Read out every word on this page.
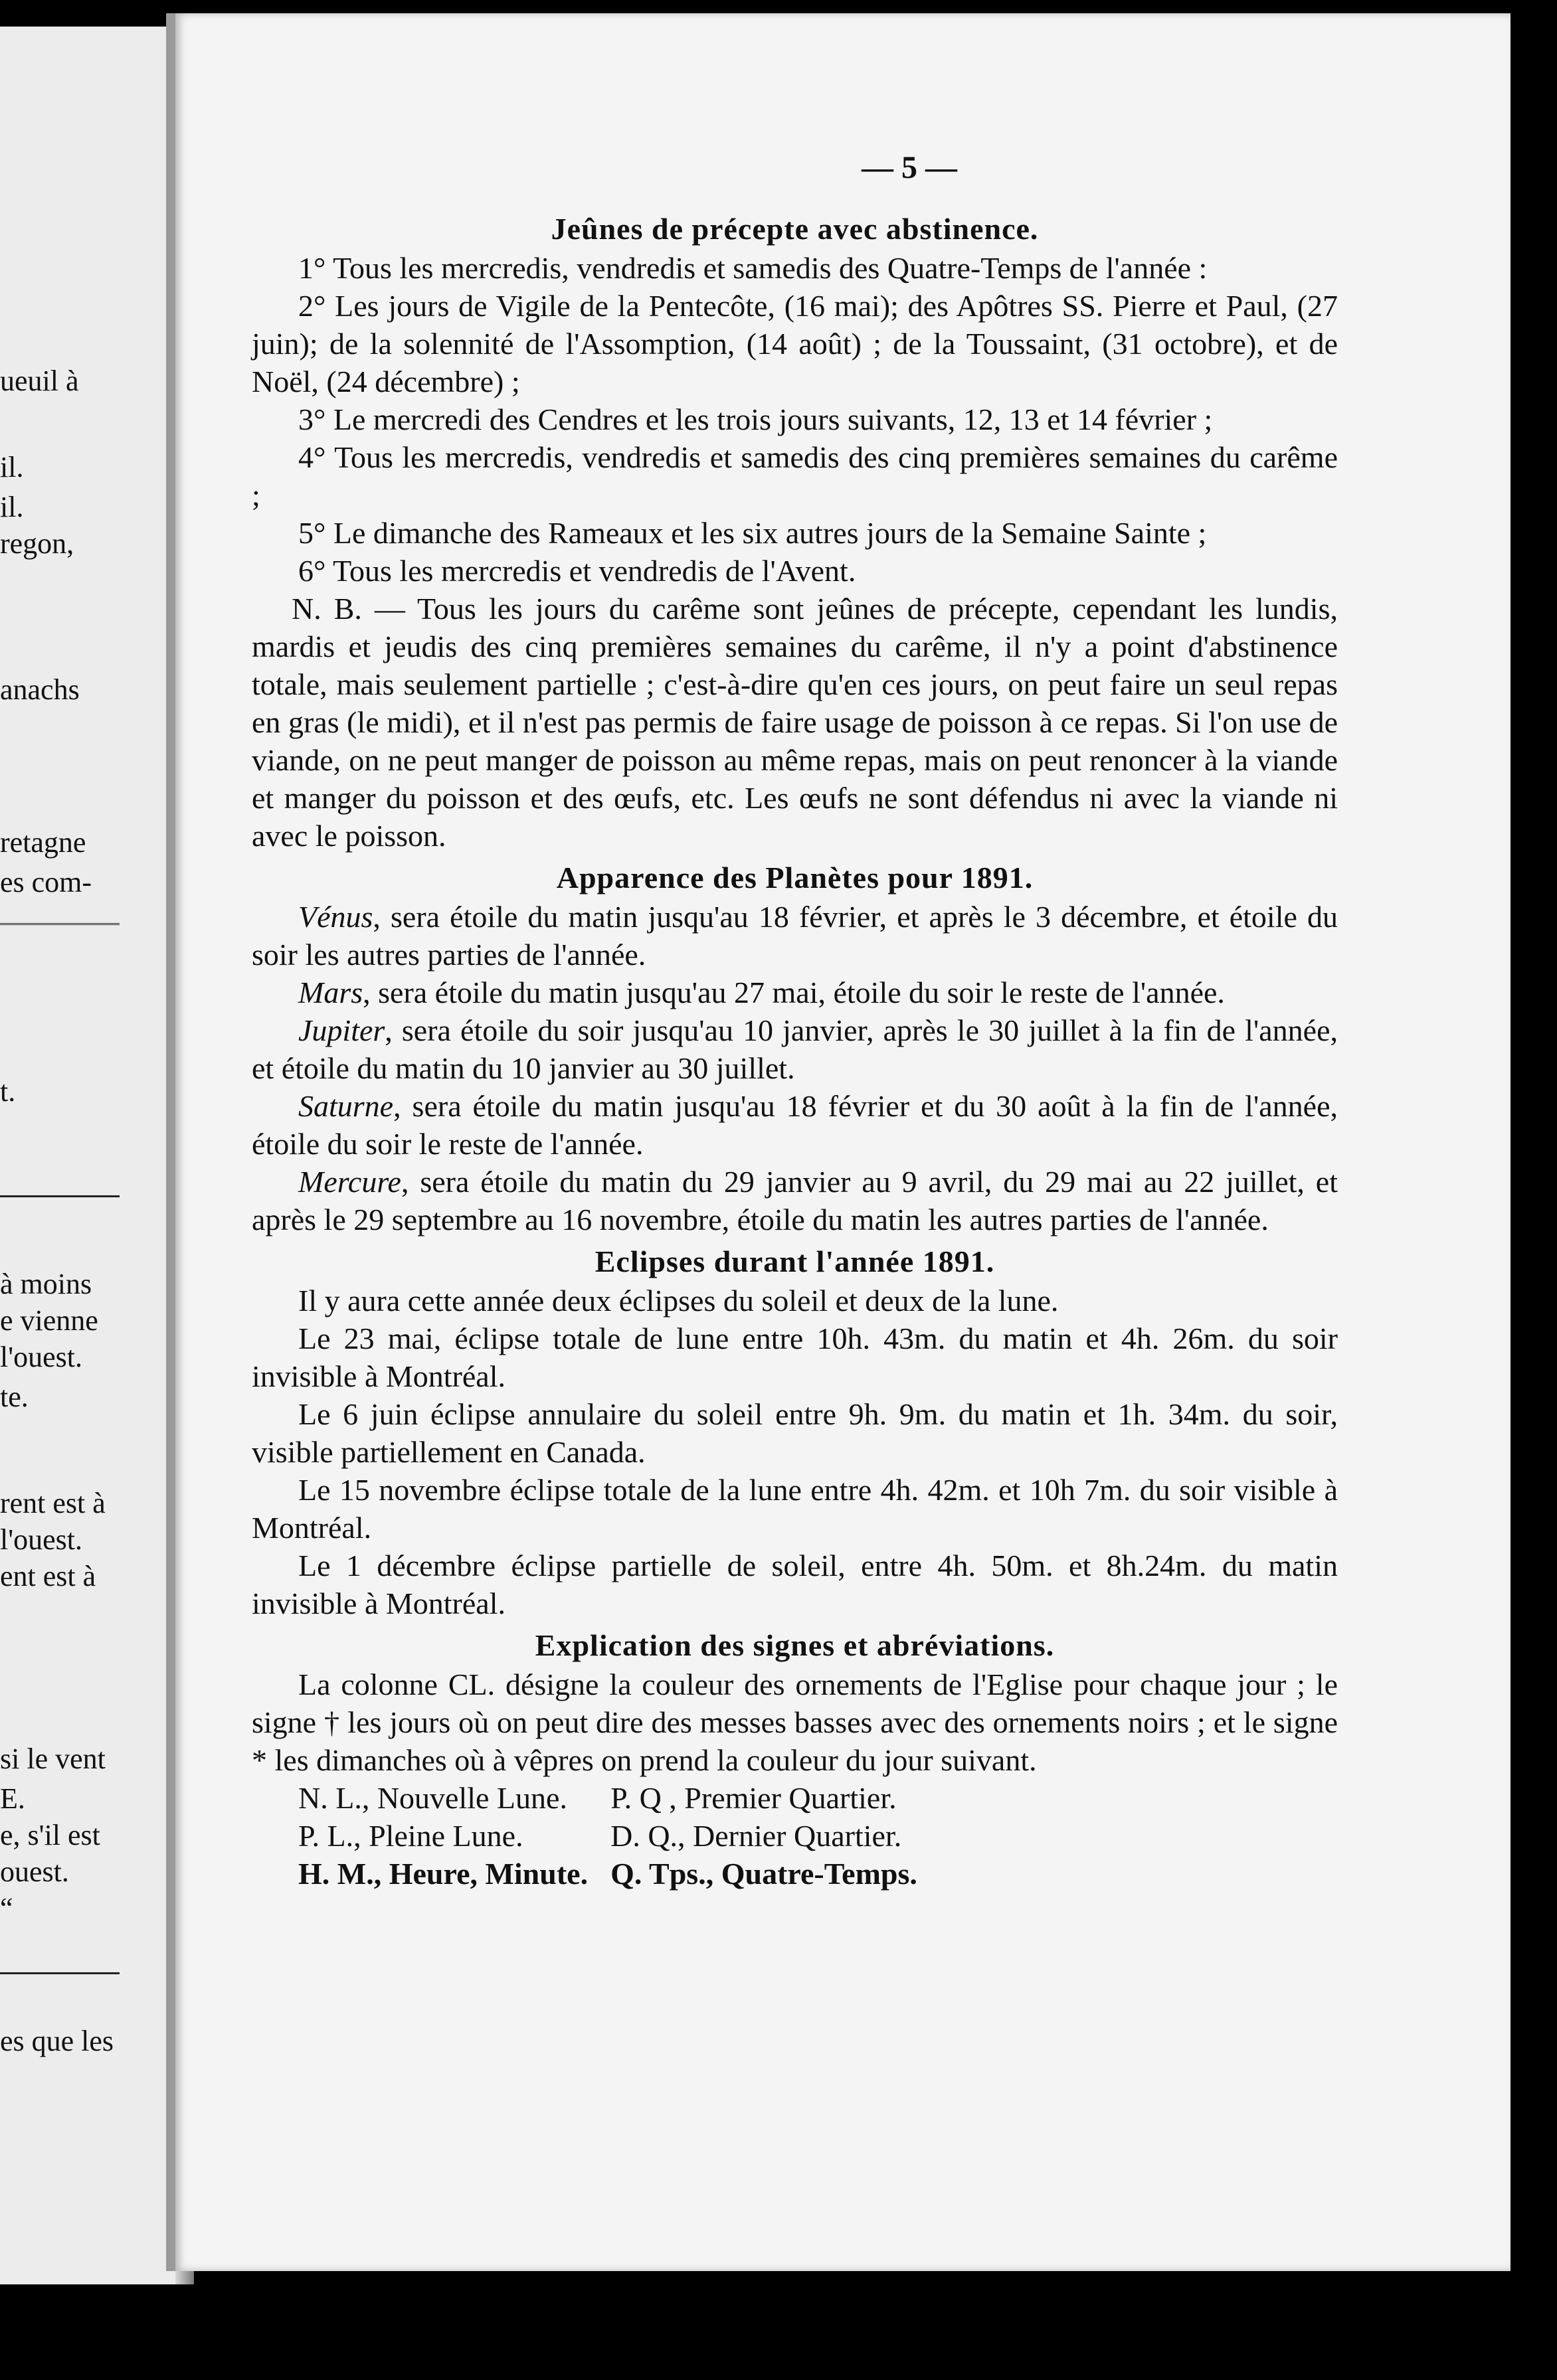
ueuil à
il.
il.
regon,
anachs
retagne
es com-
t.
à moins
e vienne
l'ouest.
te.
rent est à
l'ouest.
ent est à
si le vent
E.
e, s'il est
ouest.
“
es que les
— 5 —
Jeûnes de précepte avec abstinence.

1° Tous les mercredis, vendredis et samedis des Quatre-Temps de l'année :

2° Les jours de Vigile de la Pentecôte, (16 mai); des Apôtres SS. Pierre et Paul, (27 juin); de la solennité de l'Assomption, (14 août) ; de la Toussaint, (31 octobre), et de Noël, (24 décembre) ;

3° Le mercredi des Cendres et les trois jours suivants, 12, 13 et 14 février ;

4° Tous les mercredis, vendredis et samedis des cinq premières semaines du carême ;

5° Le dimanche des Rameaux et les six autres jours de la Semaine Sainte ;

6° Tous les mercredis et vendredis de l'Avent.

N. B. — Tous les jours du carême sont jeûnes de précepte, cependant les lundis, mardis et jeudis des cinq premières semaines du carême, il n'y a point d'abstinence totale, mais seulement partielle ; c'est-à-dire qu'en ces jours, on peut faire un seul repas en gras (le midi), et il n'est pas permis de faire usage de poisson à ce repas. Si l'on use de viande, on ne peut manger de poisson au même repas, mais on peut renoncer à la viande et manger du poisson et des œufs, etc. Les œufs ne sont défendus ni avec la viande ni avec le poisson.

Apparence des Planètes pour 1891.

Vénus, sera étoile du matin jusqu'au 18 février, et après le 3 décembre, et étoile du soir les autres parties de l'année.

Mars, sera étoile du matin jusqu'au 27 mai, étoile du soir le reste de l'année.

Jupiter, sera étoile du soir jusqu'au 10 janvier, après le 30 juillet à la fin de l'année, et étoile du matin du 10 janvier au 30 juillet.

Saturne, sera étoile du matin jusqu'au 18 février et du 30 août à la fin de l'année, étoile du soir le reste de l'année.

Mercure, sera étoile du matin du 29 janvier au 9 avril, du 29 mai au 22 juillet, et après le 29 septembre au 16 novembre, étoile du matin les autres parties de l'année.

Eclipses durant l'année 1891.

Il y aura cette année deux éclipses du soleil et deux de la lune.

Le 23 mai, éclipse totale de lune entre 10h. 43m. du matin et 4h. 26m. du soir invisible à Montréal.

Le 6 juin éclipse annulaire du soleil entre 9h. 9m. du matin et 1h. 34m. du soir, visible partiellement en Canada.

Le 15 novembre éclipse totale de la lune entre 4h. 42m. et 10h 7m. du soir visible à Montréal.

Le 1 décembre éclipse partielle de soleil, entre 4h. 50m. et 8h.24m. du matin invisible à Montréal.

Explication des signes et abréviations.

La colonne CL. désigne la couleur des ornements de l'Eglise pour chaque jour ; le signe † les jours où on peut dire des messes basses avec des ornements noirs ; et le signe * les dimanches où à vêpres on prend la couleur du jour suivant.

N. L., Nouvelle Lune.	P. Q , Premier Quartier.
P. L., Pleine Lune.	D. Q., Dernier Quartier.
H. M., Heure, Minute.	Q. Tps., Quatre-Temps.
